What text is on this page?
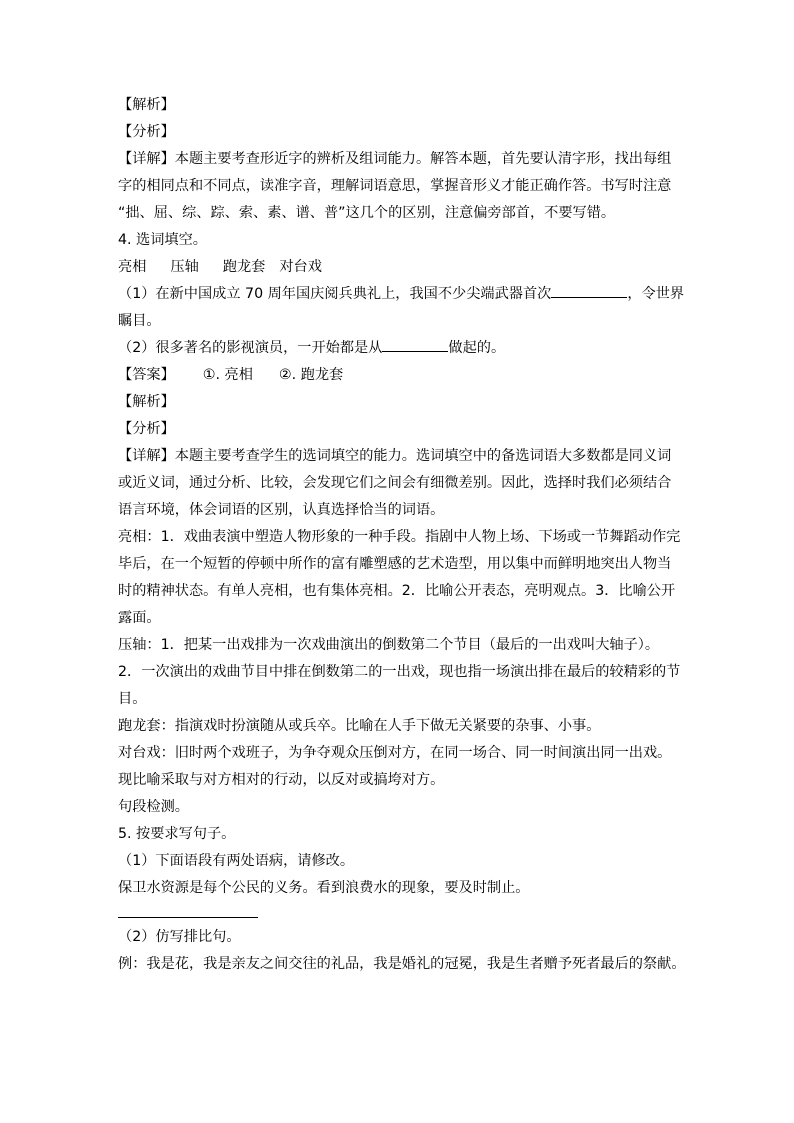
【解析】
【分析】
【详解】本题主要考查形近字的辨析及组词能力。解答本题，首先要认清字形，找出每组
字的相同点和不同点，读准字音，理解词语意思，掌握音形义才能正确作答。书写时注意
“拙、屈、综、踪、索、素、谱、普”这几个的区别，注意偏旁部首，不要写错。
4. 选词填空。
亮相 压轴 跑龙套 对台戏
（1）在新中国成立 70 周年国庆阅兵典礼上，我国不少尖端武器首次	，令世界
瞩目。
（2）很多著名的影视演员，一开始都是从	做起的。
【答案】 ①. 亮相 ②. 跑龙套
【解析】
【分析】
【详解】本题主要考查学生的选词填空的能力。选词填空中的备选词语大多数都是同义词
或近义词，通过分析、比较，会发现它们之间会有细微差别。因此，选择时我们必须结合
语言环境，体会词语的区别，认真选择恰当的词语。
亮相：1．戏曲表演中塑造人物形象的一种手段。指剧中人物上场、下场或一节舞蹈动作完
毕后，在一个短暂的停顿中所作的富有雕塑感的艺术造型，用以集中而鲜明地突出人物当
时的精神状态。有单人亮相，也有集体亮相。2．比喻公开表态，亮明观点。3．比喻公开
露面。
压轴：1．把某一出戏排为一次戏曲演出的倒数第二个节目（最后的一出戏叫大轴子）。
2．一次演出的戏曲节目中排在倒数第二的一出戏，现也指一场演出排在最后的较精彩的节
目。
跑龙套：指演戏时扮演随从或兵卒。比喻在人手下做无关紧要的杂事、小事。
对台戏：旧时两个戏班子，为争夺观众压倒对方，在同一场合、同一时间演出同一出戏。
现比喻采取与对方相对的行动，以反对或搞垮对方。
句段检测。
5. 按要求写句子。
（1）下面语段有两处语病，请修改。
保卫水资源是每个公民的义务。看到浪费水的现象，要及时制止。
（2）仿写排比句。
例：我是花，我是亲友之间交往的礼品，我是婚礼的冠冕，我是生者赠予死者最后的祭献。
